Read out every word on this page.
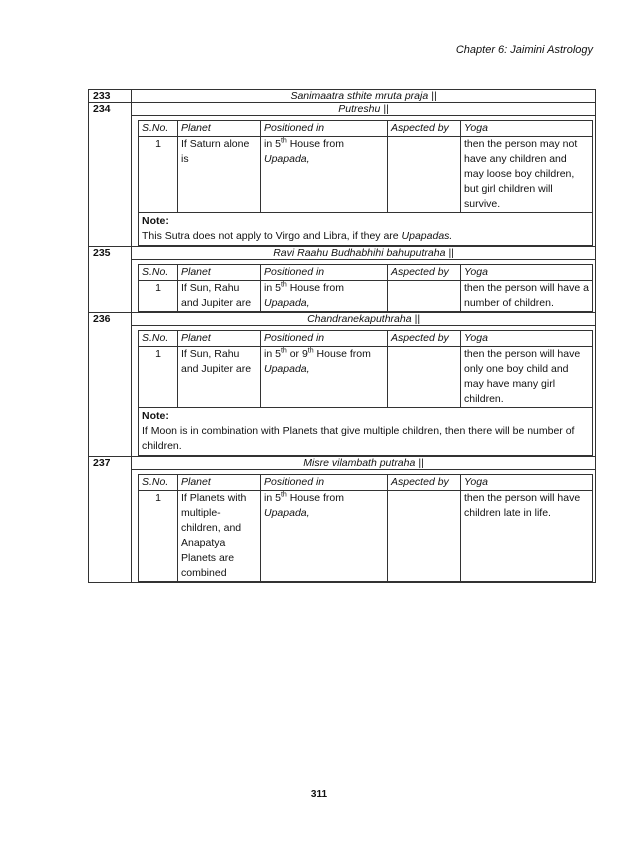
Chapter 6: Jaimini Astrology
233	Sanimaatra sthite mruta praja ||
234	Putreshu ||

S.No.	Planet	Positioned in	Aspected by	Yoga
1	If Saturn alone is	in 5th House from Upapada,		then the person may not have any children and may loose boy children, but girl children will survive.
Note:
This Sutra does not apply to Virgo and Libra, if they are Upapadas.

235	Ravi Raahu Budhabhihi bahuputraha ||

S.No.	Planet	Positioned in	Aspected by	Yoga
1	If Sun, Rahu and Jupiter are	in 5th House from Upapada,		then the person will have a number of children.

236	Chandranekaputhraha ||

S.No.	Planet	Positioned in	Aspected by	Yoga
1	If Sun, Rahu and Jupiter are	in 5th or 9th House from Upapada,		then the person will have only one boy child and may have many girl children.
Note:
If Moon is in combination with Planets that give multiple children, then there will be number of children.

237	Misre vilambath putraha ||

S.No.	Planet	Positioned in	Aspected by	Yoga
1	If Planets with multiple- children, and Anapatya Planets are combined	in 5th House from Upapada,		then the person will have children late in life.
311
